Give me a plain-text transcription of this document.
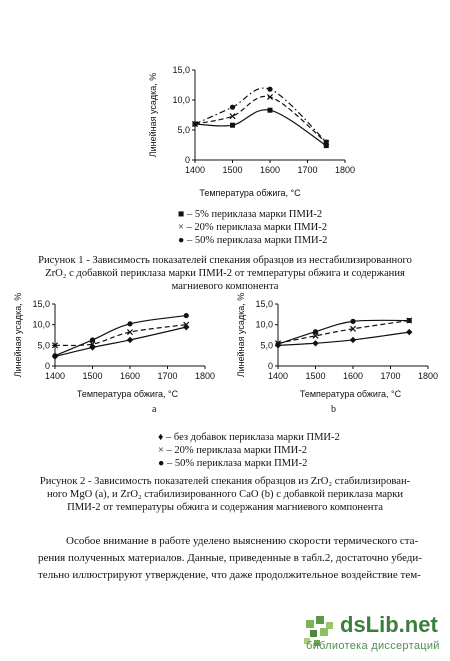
0
5,0
10,0
15,0
1400 1500 1600 1700 1800
Линейная усадка, %
Температура обжига, °С
■ – 5% периклаза марки ПМИ-2
× – 20% периклаза марки ПМИ-2
● – 50% периклаза марки ПМИ-2
Рисунок 1 - Зависимость показателей спекания образцов из нестабилизированного
ZrO₂ с добавкой периклаза марки ПМИ-2 от температуры обжига и содержания
магниевого компонента
0
5,0
10,0
15,0
1400 1500 1600 1700 1800
Линейная усадка, %
Температура обжига, °С
а
0
5,0
10,0
15,0
1400 1500 1600 1700 1800
Линейная усадка, %
Температура обжига, °С
b
♦ – без добавок периклаза марки ПМИ-2
× – 20% периклаза марки ПМИ-2
● – 50% периклаза марки ПМИ-2
Рисунок 2 - Зависимость показателей спекания образцов из ZrO₂ стабилизирован-
ного MgO (a), и ZrO₂ стабилизированного CaO (b) с добавкой периклаза марки
ПМИ-2 от температуры обжига и содержания магниевого компонента
Особое внимание в работе уделено выяснению скорости термического ста-
рения полученных материалов. Данные, приведенные в табл.2, достаточно убеди-
тельно иллюстрируют утверждение, что даже продолжительное воздействие тем-
dsLib.net
библиотека диссертаций
